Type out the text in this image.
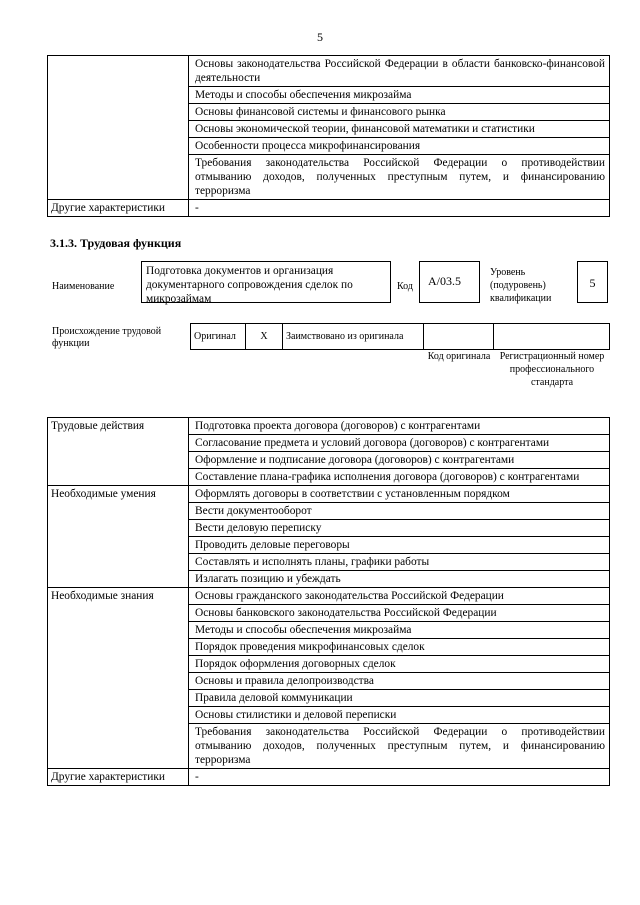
5
	Основы законодательства Российской Федерации в области банковско-финансовой деятельности
	Методы и способы обеспечения микрозайма
	Основы финансовой системы и финансового рынка
	Основы экономической теории, финансовой математики и статистики
	Особенности процесса микрофинансирования
	Требования законодательства Российской Федерации о противодействии отмыванию доходов, полученных преступным путем, и финансированию терроризма
Другие характеристики	-
3.1.3. Трудовая функция
Наименование
Подготовка документов и организация документарного сопровождения сделок по микрозаймам
Код	A/03.5
Уровень (подуровень) квалификации
5
Происхождение трудовой функции
Оригинал	X	Заимствовано из оригинала		
Код оригинала Регистрационный номер профессионального стандарта
Трудовые действия	Подготовка проекта договора (договоров) с контрагентами
	Согласование предмета и условий договора (договоров) с контрагентами
	Оформление и подписание договора (договоров) с контрагентами
	Составление плана-графика исполнения договора (договоров) с контрагентами
Необходимые умения	Оформлять договоры в соответствии с установленным порядком
	Вести документооборот
	Вести деловую переписку
	Проводить деловые переговоры
	Составлять и исполнять планы, графики работы
	Излагать позицию и убеждать
Необходимые знания	Основы гражданского законодательства Российской Федерации
	Основы банковского законодательства Российской Федерации
	Методы и способы обеспечения микрозайма
	Порядок проведения микрофинансовых сделок
	Порядок оформления договорных сделок
	Основы и правила делопроизводства
	Правила деловой коммуникации
	Основы стилистики и деловой переписки
	Требования законодательства Российской Федерации о противодействии отмыванию доходов, полученных преступным путем, и финансированию терроризма
Другие характеристики	-
